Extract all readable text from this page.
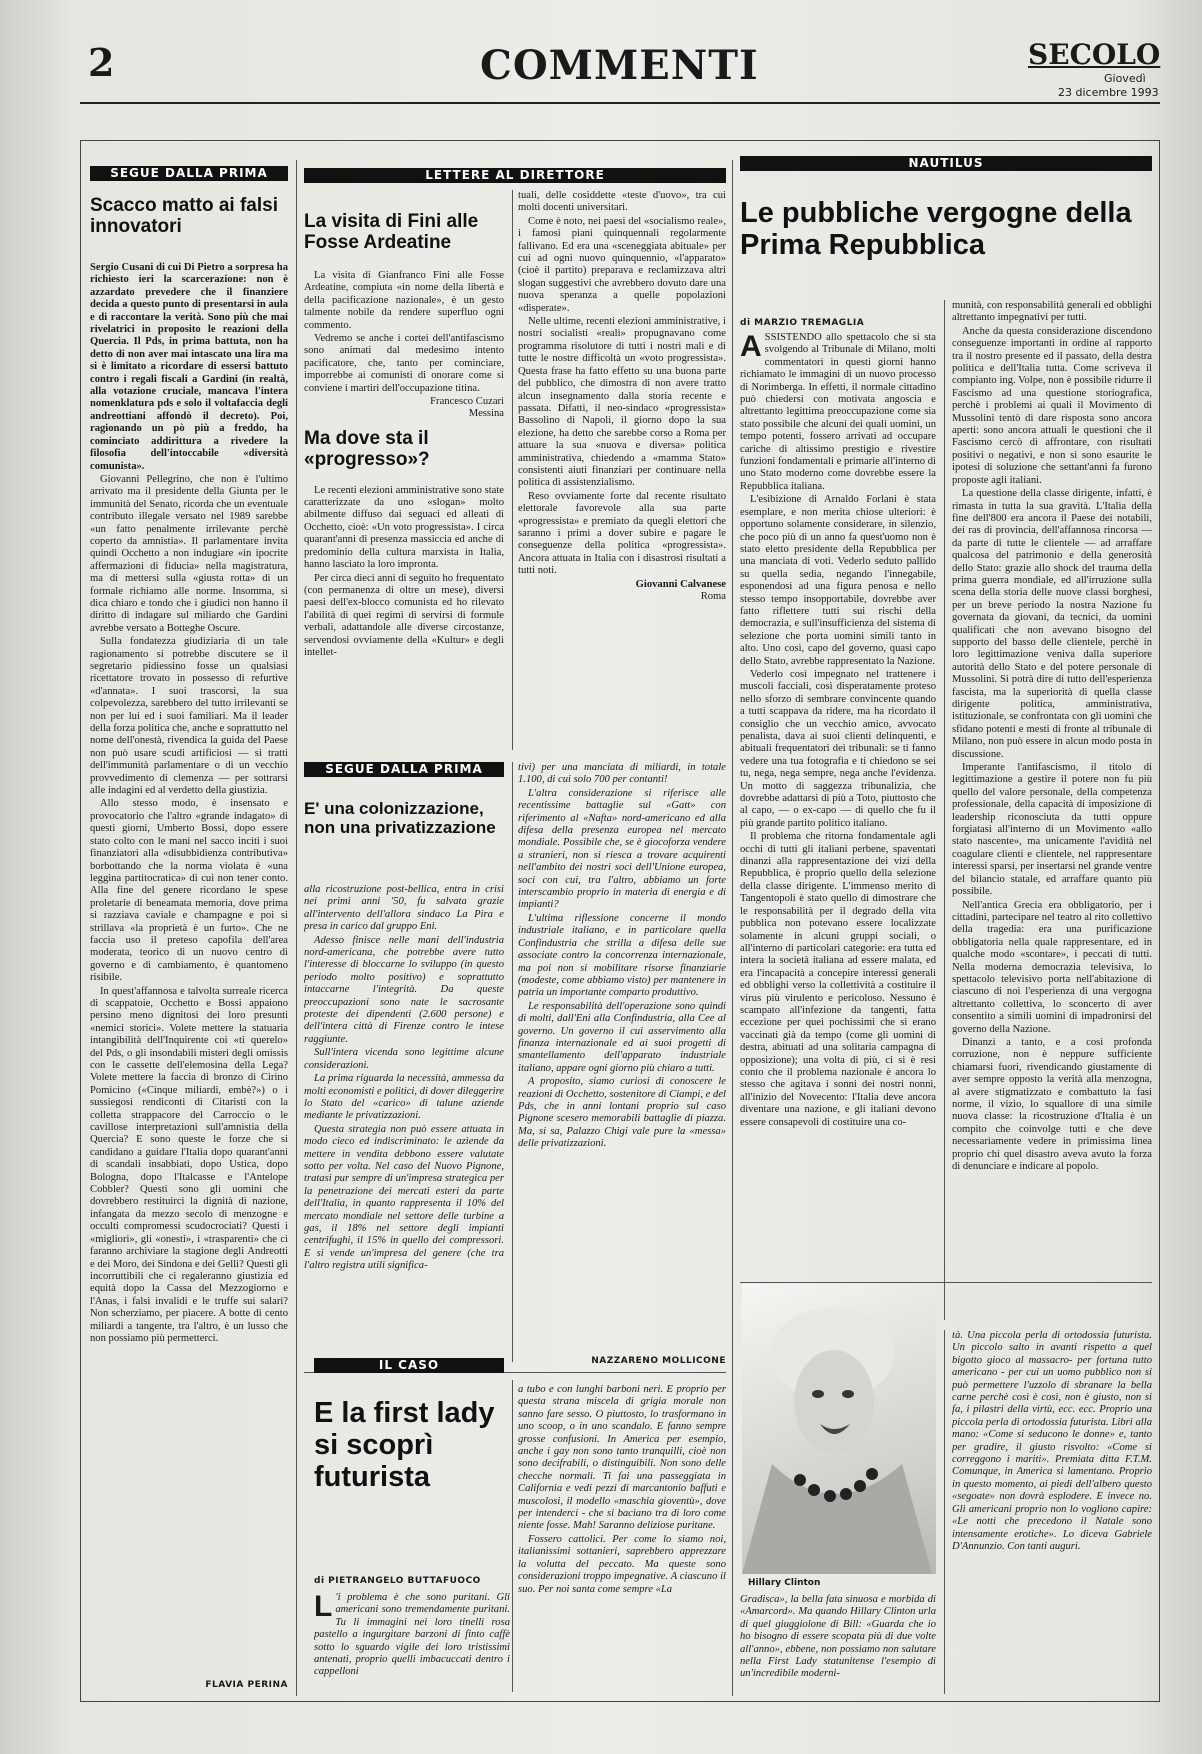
2	COMMENTI	SECOLO
Giovedì
23 dicembre 1993
SEGUE DALLA PRIMA
Scacco matto ai falsi innovatori

Sergio Cusani di cui Di Pietro a sorpresa ha richiesto ieri la scarcerazione: non è azzardato prevedere che il finanziere decida a questo punto di presentarsi in aula e di raccontare la verità. Sono più che mai rivelatrici in proposito le reazioni della Quercia. Il Pds, in prima battuta, non ha detto di non aver mai intascato una lira ma si è limitato a ricordare di essersi battuto contro i regali fiscali a Gardini (in realtà, alla votazione cruciale, mancava l'intera nomenklatura pds e solo il voltafaccia degli andreottiani affondò il decreto). Poi, ragionando un pò più a freddo, ha cominciato addirittura a rivedere la filosofia dell'intoccabile «diversità comunista».

Giovanni Pellegrino, che non è l'ultimo arrivato ma il presidente della Giunta per le immunità del Senato, ricorda che un eventuale contributo illegale versato nel 1989 sarebbe «un fatto penalmente irrilevante perchè coperto da amnistia». Il parlamentare invita quindi Occhetto a non indugiare «in ipocrite affermazioni di fiducia» nella magistratura, ma di mettersi sulla «giusta rotta» di un formale richiamo alle norme. Insomma, si dica chiaro e tondo che i giudici non hanno il diritto di indagare sul miliardo che Gardini avrebbe versato a Botteghe Oscure.

Sulla fondatezza giudiziaria di un tale ragionamento si potrebbe discutere se il segretario pidiessino fosse un qualsiasi ricettatore trovato in possesso di refurtive «d'annata». I suoi trascorsi, la sua colpevolezza, sarebbero del tutto irrilevanti se non per lui ed i suoi familiari. Ma il leader della forza politica che, anche e soprattutto nel nome dell'onestà, rivendica la guida del Paese non può usare scudi artificiosi — si tratti dell'immunità parlamentare o di un vecchio provvedimento di clemenza — per sottrarsi alle indagini ed al verdetto della giustizia.

Allo stesso modo, è insensato e provocatorio che l'altro «grande indagato» di questi giorni, Umberto Bossi, dopo essere stato colto con le mani nel sacco inciti i suoi finanziatori alla «disubbidienza contributiva» borbottando che la norma violata è «una leggina partitocratica» di cui non tener conto. Alla fine del genere ricordano le spese proletarie di beneamata memoria, dove prima si razziava caviale e champagne e poi si strillava «la proprietà è un furto». Che ne faccia uso il preteso capofila dell'area moderata, teorico di un nuovo centro di governo e di cambiamento, è quantomeno risibile.

In quest'affannosa e talvolta surreale ricerca di scappatoie, Occhetto e Bossi appaiono persino meno dignitosi dei loro presunti «nemici storici». Volete mettere la statuaria intangibilità dell'Inquirente coi «ti querelo» del Pds, o gli insondabili misteri degli omissis con le cassette dell'elemosina della Lega? Volete mettere la faccia di bronzo di Cirino Pomicino («Cinque miliardi, embè?») o i sussiegosi rendiconti di Citaristi con la colletta strappacore del Carroccio o le cavillose interpretazioni sull'amnistia della Quercia? E sono queste le forze che si candidano a guidare l'Italia dopo quarant'anni di scandali insabbiati, dopo Ustica, dopo Bologna, dopo l'Italcasse e l'Antelope Cobbler? Questi sono gli uomini che dovrebbero restituirci la dignità di nazione, infangata da mezzo secolo di menzogne e occulti compromessi scudocrociati? Questi i «migliori», gli «onesti», i «trasparenti» che ci faranno archiviare la stagione degli Andreotti e dei Moro, dei Sindona e dei Gelli? Questi gli incorruttibili che ci regaleranno giustizia ed equità dopo la Cassa del Mezzogiorno e l'Anas, i falsi invalidi e le truffe sui salari? Non scherziamo, per piacere. A botte di cento miliardi a tangente, tra l'altro, è un lusso che non possiamo più permetterci.

FLAVIA PERINA
LETTERE AL DIRETTORE
La visita di Fini alle Fosse Ardeatine

La visita di Gianfranco Fini alle Fosse Ardeatine, compiuta «in nome della libertà e della pacificazione nazionale», è un gesto talmente nobile da rendere superfluo ogni commento.

Vedremo se anche i cortei dell'antifascismo sono animati dal medesimo intento pacificatore, che, tanto per cominciare, imporrebbe ai comunisti di onorare come si conviene i martiri dell'occupazione titina.

Francesco Cuzari
Messina
Ma dove sta il «progresso»?

Le recenti elezioni amministrative sono state caratterizzate da uno «slogan» molto abilmente diffuso dai seguaci ed alleati di Occhetto, cioè: «Un voto progressista». I circa quarant'anni di presenza massiccia ed anche di predominio della cultura marxista in Italia, hanno lasciato la loro impronta.

Per circa dieci anni di seguito ho frequentato (con permanenza di oltre un mese), diversi paesi dell'ex-blocco comunista ed ho rilevato l'abilità di quei regimi di servirsi di formule verbali, adattandole alle diverse circostanze, servendosi ovviamente della «Kultur» e degli intellet-

tuali, delle cosiddette «teste d'uovo», tra cui molti docenti universitari.

Come è noto, nei paesi del «socialismo reale», i famosi piani quinquennali regolarmente fallivano. Ed era una «sceneggiata abituale» per cui ad ogni nuovo quinquennio, «l'apparato» (cioè il partito) preparava e reclamizzava altri slogan suggestivi che avrebbero dovuto dare una nuova speranza a quelle popolazioni «disperate».

Nelle ultime, recenti elezioni amministrative, i nostri socialisti «reali» propugnavano come programma risolutore di tutti i nostri mali e di tutte le nostre difficoltà un «voto progressista». Questa frase ha fatto effetto su una buona parte del pubblico, che dimostra di non avere tratto alcun insegnamento dalla storia recente e passata. Difatti, il neo-sindaco «progressista» Bassolino di Napoli, il giorno dopo la sua elezione, ha detto che sarebbe corso a Roma per attuare la sua «nuova e diversa» politica amministrativa, chiedendo a «mamma Stato» consistenti aiuti finanziari per continuare nella politica di assistenzialismo.

Reso ovviamente forte dal recente risultato elettorale favorevole alla sua parte «progressista» e premiato da quegli elettori che saranno i primi a dover subire e pagare le conseguenze della politica «progressista». Ancora attuata in Italia con i disastrosi risultati a tutti noti.

Giovanni Calvanese
Roma
SEGUE DALLA PRIMA
E' una colonizzazione, non una privatizzazione

alla ricostruzione post-bellica, entra in crisi nei primi anni '50, fu salvata grazie all'intervento dell'allora sindaco La Pira e presa in carico dal gruppo Eni.

Adesso finisce nelle mani dell'industria nord-americana, che potrebbe avere tutto l'interesse di bloccarne lo sviluppo (in questo periodo molto positivo) e soprattutto intaccarne l'integrità. Da queste preoccupazioni sono nate le sacrosante proteste dei dipendenti (2.600 persone) e dell'intera città di Firenze contro le intese raggiunte.

Sull'intera vicenda sono legittime alcune considerazioni.

La prima riguarda la necessità, ammessa da molti economisti e politici, di dover dileggerire lo Stato del «carico» di talune aziende mediante le privatizzazioni.

Questa strategia non può essere attuata in modo cieco ed indiscriminato: le aziende da mettere in vendita debbono essere valutate sotto per volta. Nel caso del Nuovo Pignone, tratasi pur sempre di un'impresa strategica per la penetrazione dei mercati esteri da parte dell'Italia, in quanto rappresenta il 10% del mercato mondiale nel settore delle turbine a gas, il 18% nel settore degli impianti centrifughi, il 15% in quello dei compressori. E si vende un'impresa del genere (che tra l'altro registra utili significa-

tivi) per una manciata di miliardi, in totale 1.100, di cui solo 700 per contanti!

L'altra considerazione si riferisce alle recentissime battaglie sul «Gatt» con riferimento al «Nafta» nord-americano ed alla difesa della presenza europea nel mercato mondiale. Possibile che, se è giocoforza vendere a stranieri, non si riesca a trovare acquirenti nell'ambito dei nostri soci dell'Unione europea, soci con cui, tra l'altro, abbiamo un forte interscambio proprio in materia di energia e di impianti?

L'ultima riflessione concerne il mondo industriale italiano, e in particolare quella Confindustria che strilla a difesa delle sue associate contro la concorrenza internazionale, ma poi non si mobilitare risorse finanziarie (modeste, come abbiamo visto) per mantenere in patria un importante comparto produttivo.

Le responsabilità dell'operazione sono quindi di molti, dall'Eni alla Confindustria, alla Cee al governo. Un governo il cui asservimento alla finanza internazionale ed ai suoi progetti di smantellamento dell'apparato industriale italiano, appare ogni giorno più chiaro a tutti.

A proposito, siamo curiosi di conoscere le reazioni di Occhetto, sostenitore di Ciampi, e del Pds, che in anni lontani proprio sul caso Pignone scesero memorabili battaglie di piazza. Ma, si sa, Palazzo Chigi vale pure la «messa» delle privatizzazioni.

NAZZARENO MOLLICONE
IL CASO
E la first lady si scoprì futurista
di PIETRANGELO BUTTAFUOCO
L 'i problema è che sono puritani. Gli americani sono tremendamente puritani. Tu li immagini nei loro tinelli rosa pastello a ingurgitare barzoni di finto caffè sotto lo sguardo vigile dei loro tristissimi antenati, proprio quelli imbacuccati dentro i cappelloni

a tubo e con lunghi barboni neri. E proprio per questa strana miscela di grigia morale non sanno fare sesso. O piuttosto, lo trasformano in uno scoop, o in uno scandalo. E fanno sempre grosse confusioni. In America per esempio, anche i gay non sono tanto tranquilli, cioè non sono decifrabili, o distinguibili. Non sono delle checche normali. Ti fai una passeggiata in California e vedi pezzi di marcantonio baffuti e muscolosi, il modello «maschia gioventù», dove per intenderci - che si baciano tra di loro come niente fosse. Mah! Saranno deliziose puritane.

Fossero cattolici. Per come lo siamo noi, italianissimi sottanieri, saprebbero apprezzare la volutta del peccato. Ma queste sono considerazioni troppo impegnative. A ciascuno il suo. Per noi santa come sempre «La

NAUTILUS
Le pubbliche vergogne della Prima Repubblica
di MARZIO TREMAGLIA

ASSISTENDO allo spettacolo che si sta svolgendo al Tribunale di Milano, molti commentatori in questi giorni hanno richiamato le immagini di un nuovo processo di Norimberga. In effetti, il normale cittadino può chiedersi con motivata angoscia e altrettanto legittima preoccupazione come sia stato possibile che alcuni dei quali uomini, un tempo potenti, fossero arrivati ad occupare cariche di altissimo prestigio e rivestire funzioni fondamentali e primarie all'interno di uno Stato moderno come dovrebbe essere la Repubblica italiana.

L'esibizione di Arnaldo Forlani è stata esemplare, e non merita chiose ulteriori: è opportuno solamente considerare, in silenzio, che poco più di un anno fa quest'uomo non è stato eletto presidente della Repubblica per una manciata di voti. Vederlo seduto pallido su quella sedia, negando l'innegabile, esponendosi ad una figura penosa e nello stesso tempo insopportabile, dovrebbe aver fatto riflettere tutti sui rischi della democrazia, e sull'insufficienza del sistema di selezione che porta uomini simili tanto in alto. Uno così, capo del governo, quasi capo dello Stato, avrebbe rappresentato la Nazione.

Vederlo così impegnato nel trattenere i muscoli facciali, così disperatamente proteso nello sforzo di sembrare convincente quando a tutti scappava da ridere, ma ha ricordato il consiglio che un vecchio amico, avvocato penalista, dava ai suoi clienti delinquenti, e abituali frequentatori dei tribunali: se ti fanno vedere una tua fotografia e ti chiedono se sei tu, nega, nega sempre, nega anche l'evidenza. Un motto di saggezza tribunalizia, che dovrebbe adattarsi di più a Toto, piuttosto che al capo, — o ex-capo — di quello che fu il più grande partito politico italiano.

Il problema che ritorna fondamentale agli occhi di tutti gli italiani perbene, spaventati dinanzi alla rappresentazione dei vizi della Repubblica, è proprio quello della selezione della classe dirigente. L'immenso merito di Tangentopoli è stato quello di dimostrare che le responsabilità per il degrado della vita pubblica non potevano essere localizzate solamente in alcuni gruppi sociali, o all'interno di particolari categorie: era tutta ed intera la società italiana ad essere malata, ed era l'incapacità a concepire interessi generali ed obblighi verso la collettività a costituire il virus più virulento e pericoloso. Nessuno è scampato all'infezione da tangenti, fatta eccezione per quei pochissimi che si erano vaccinati già da tempo (come gli uomini di destra, abituati ad una solitaria campagna di opposizione); una volta di più, ci si è resi conto che il problema nazionale è ancora lo stesso che agitava i sonni dei nostri nonni, all'inizio del Novecento: l'Italia deve ancora diventare una nazione, e gli italiani devono essere consapevoli di costituire una co-

munità, con responsabilità generali ed obblighi altrettanto impegnativi per tutti.

Anche da questa considerazione discendono conseguenze importanti in ordine al rapporto tra il nostro presente ed il passato, della destra politica e dell'Italia tutta. Come scriveva il compianto ing. Volpe, non è possibile ridurre il Fascismo ad una questione storiografica, perchè i problemi ai quali il Movimento di Mussolini tentò di dare risposta sono ancora aperti: sono ancora attuali le questioni che il Fascismo cercò di affrontare, con risultati positivi o negativi, e non si sono esaurite le ipotesi di soluzione che settant'anni fa furono proposte agli italiani.

La questione della classe dirigente, infatti, è rimasta in tutta la sua gravità. L'Italia della fine dell'800 era ancora il Paese dei notabili, dei ras di provincia, dell'affannosa rincorsa — da parte di tutte le clientele — ad arraffare qualcosa del patrimonio e della generosità dello Stato: grazie allo shock del trauma della prima guerra mondiale, ed all'irruzione sulla scena della storia delle nuove classi borghesi, per un breve periodo la nostra Nazione fu governata da giovani, da tecnici, da uomini qualificati che non avevano bisogno del supporto del basso delle clientele, perchè in loro legittimazione veniva dalla superiore autorità dello Stato e del potere personale di Mussolini. Si potrà dire di tutto dell'esperienza fascista, ma la superiorità di quella classe dirigente politica, amministrativa, istituzionale, se confrontata con gli uomini che sfidano potenti e mesti di fronte al tribunale di Milano, non può essere in alcun modo posta in discussione.

Imperante l'antifascismo, il titolo di legittimazione a gestire il potere non fu più quello del valore personale, della competenza professionale, della capacità di imposizione di leadership riconosciuta da tutti oppure forgiatasi all'interno di un Movimento «allo stato nascente», ma unicamente l'avidità nel coagulare clienti e clientele, nel rappresentare interessi sparsi, per insertarsi nel grande ventre del bilancio statale, ed arraffare quanto più possibile.

Nell'antica Grecia era obbligatorio, per i cittadini, partecipare nel teatro al rito collettivo della tragedia: era una purificazione obbligatoria nella quale rappresentare, ed in qualche modo «scontare», i peccati di tutti. Nella moderna democrazia televisiva, lo spettacolo televisivo porta nell'abitazione di ciascuno di noi l'esperienza di una vergogna altrettanto collettiva, lo sconcerto di aver consentito a simili uomini di impadronirsi del governo della Nazione.

Dinanzi a tanto, e a così profonda corruzione, non è neppure sufficiente chiamarsi fuori, rivendicando giustamente di aver sempre opposto la verità alla menzogna, al avere stigmatizzato e combattuto la fasi norme, il vizio, lo squallore di una simile nuova classe: la ricostruzione d'Italia è un compito che coinvolge tutti e che deve necessariamente vedere in primissima linea proprio chi quel disastro aveva avuto la forza di denunciare e indicare al popolo.

Hillary Clinton

Gradisca», la bella fata sinuosa e morbida di «Amarcord». Ma quando Hillary Clinton urla di quel giuggiolone di Bill: «Guarda che io ho bisogno di essere scopata più di due volte all'anno», ebbene, non possiamo non salutare nella First Lady statunitense l'esempio di un'incredibile moderni-

tà. Una piccola perla di ortodossia futurista. Un piccolo salto in avanti rispetto a quel bigotto gioco al massacro- per fortuna tutto americano - per cui un uomo pubblico non si può permettere l'uzzolo di sbranare la bella carne perchè così è così, non è giusto, non si fa, i pilastri della virtù, ecc. ecc. Proprio una piccola perla di ortodossia futurista. Libri alla mano: «Come si seducono le donne» e, tanto per gradire, il giusto risvolto: «Come si correggono i mariti». Premiata ditta F.T.M. Comunque, in America si lamentano. Proprio in questo momento, ai piedi dell'albero questo «segoate» non dovrà esplodere. E invece no. Gli americani proprio non lo vogliono capire: «Le notti che precedono il Natale sono intensamente erotiche». Lo diceva Gabriele D'Annunzio. Con tanti auguri.
